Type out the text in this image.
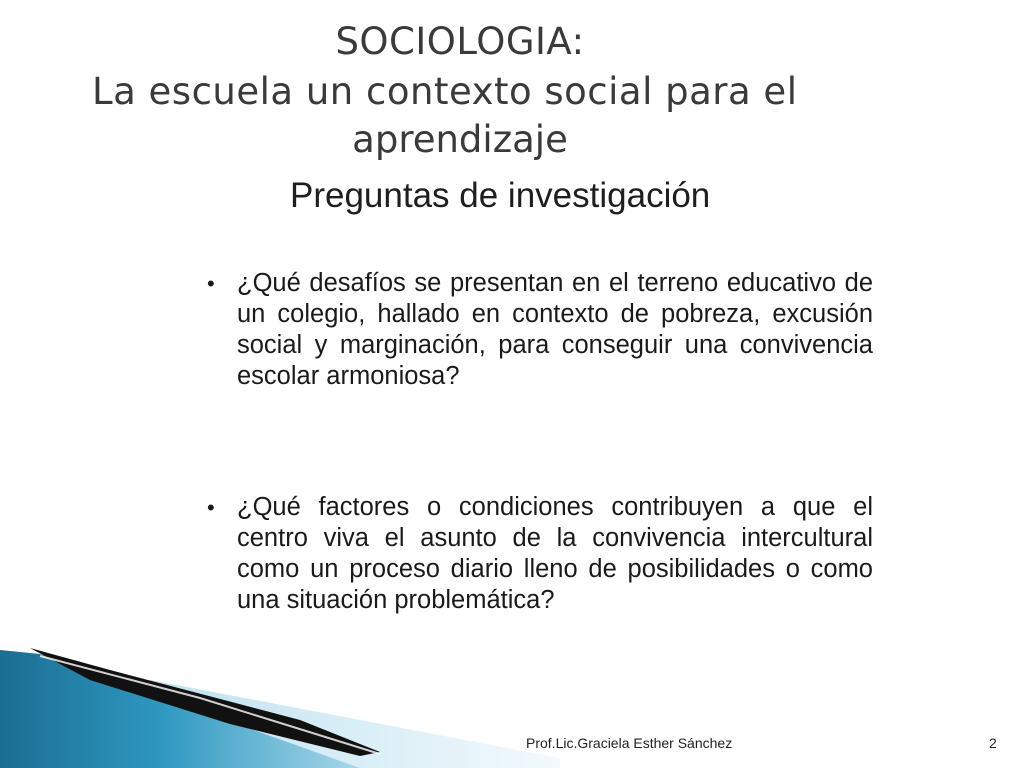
SOCIOLOGIA:
La escuela un contexto social para el
aprendizaje
Preguntas de investigación
• ¿Qué desafíos se presentan en el terreno educativo de un colegio, hallado en contexto de pobreza, excusión social y marginación, para conseguir una convivencia escolar armoniosa?
• ¿Qué factores o condiciones contribuyen a que el centro viva el asunto de la convivencia intercultural como un proceso diario lleno de posibilidades o como una situación problemática?
Prof.Lic.Graciela Esther Sánchez	2
